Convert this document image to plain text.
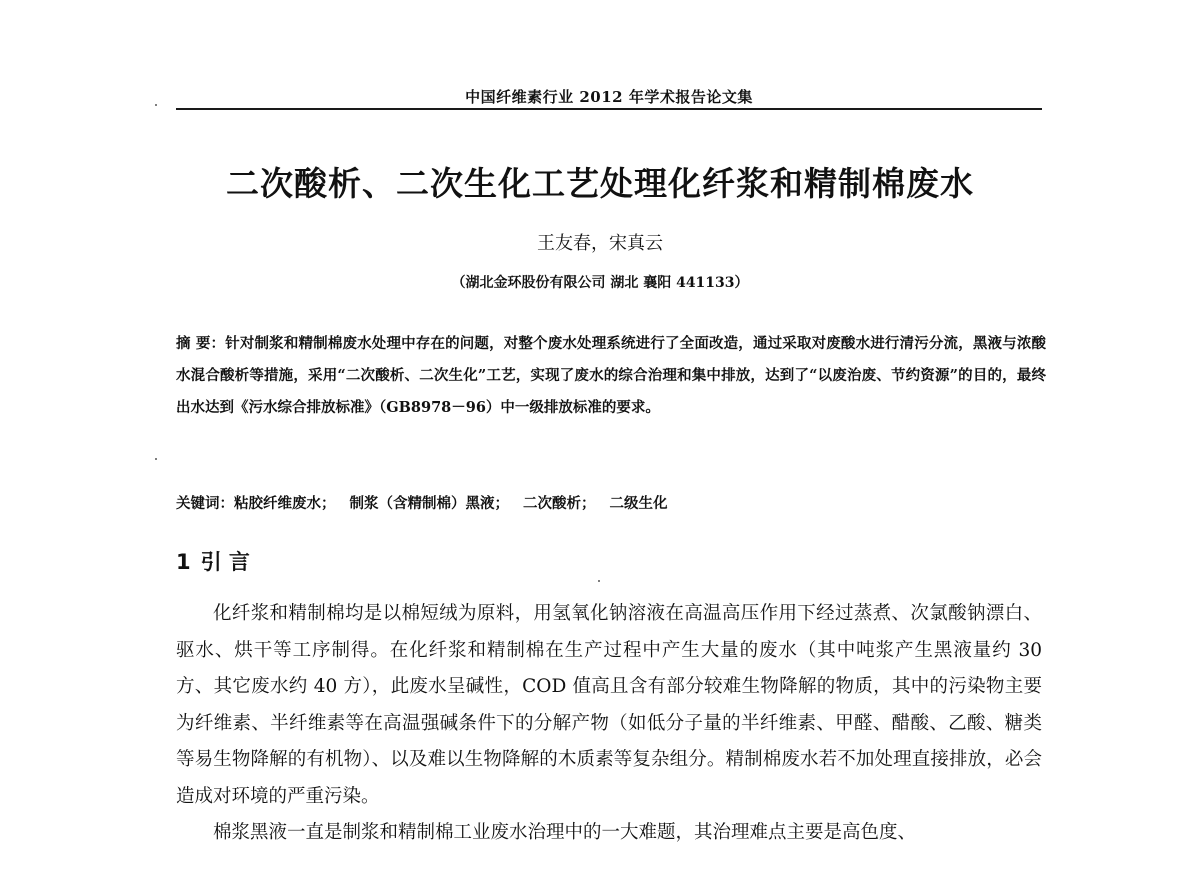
中国纤维素行业 2012 年学术报告论文集
二次酸析、二次生化工艺处理化纤浆和精制棉废水
王友春，宋真云
（湖北金环股份有限公司 湖北 襄阳 441133）
摘 要：针对制浆和精制棉废水处理中存在的问题，对整个废水处理系统进行了全面改造，通过采取对废酸水进行清污分流，黑液与浓酸水混合酸析等措施，采用“二次酸析、二次生化”工艺，实现了废水的综合治理和集中排放，达到了“以废治废、节约资源”的目的，最终出水达到《污水综合排放标准》（GB8978－96）中一级排放标准的要求。
关键词：粘胶纤维废水； 制浆（含精制棉）黑液； 二次酸析； 二级生化
1 引 言

化纤浆和精制棉均是以棉短绒为原料，用氢氧化钠溶液在高温高压作用下经过蒸煮、次氯酸钠漂白、驱水、烘干等工序制得。在化纤浆和精制棉在生产过程中产生大量的废水（其中吨浆产生黑液量约 30 方、其它废水约 40 方），此废水呈碱性，COD 值高且含有部分较难生物降解的物质，其中的污染物主要为纤维素、半纤维素等在高温强碱条件下的分解产物（如低分子量的半纤维素、甲醛、醋酸、乙酸、糖类等易生物降解的有机物）、以及难以生物降解的木质素等复杂组分。精制棉废水若不加处理直接排放，必会造成对环境的严重污染。

棉浆黑液一直是制浆和精制棉工业废水治理中的一大难题，其治理难点主要是高色度、
